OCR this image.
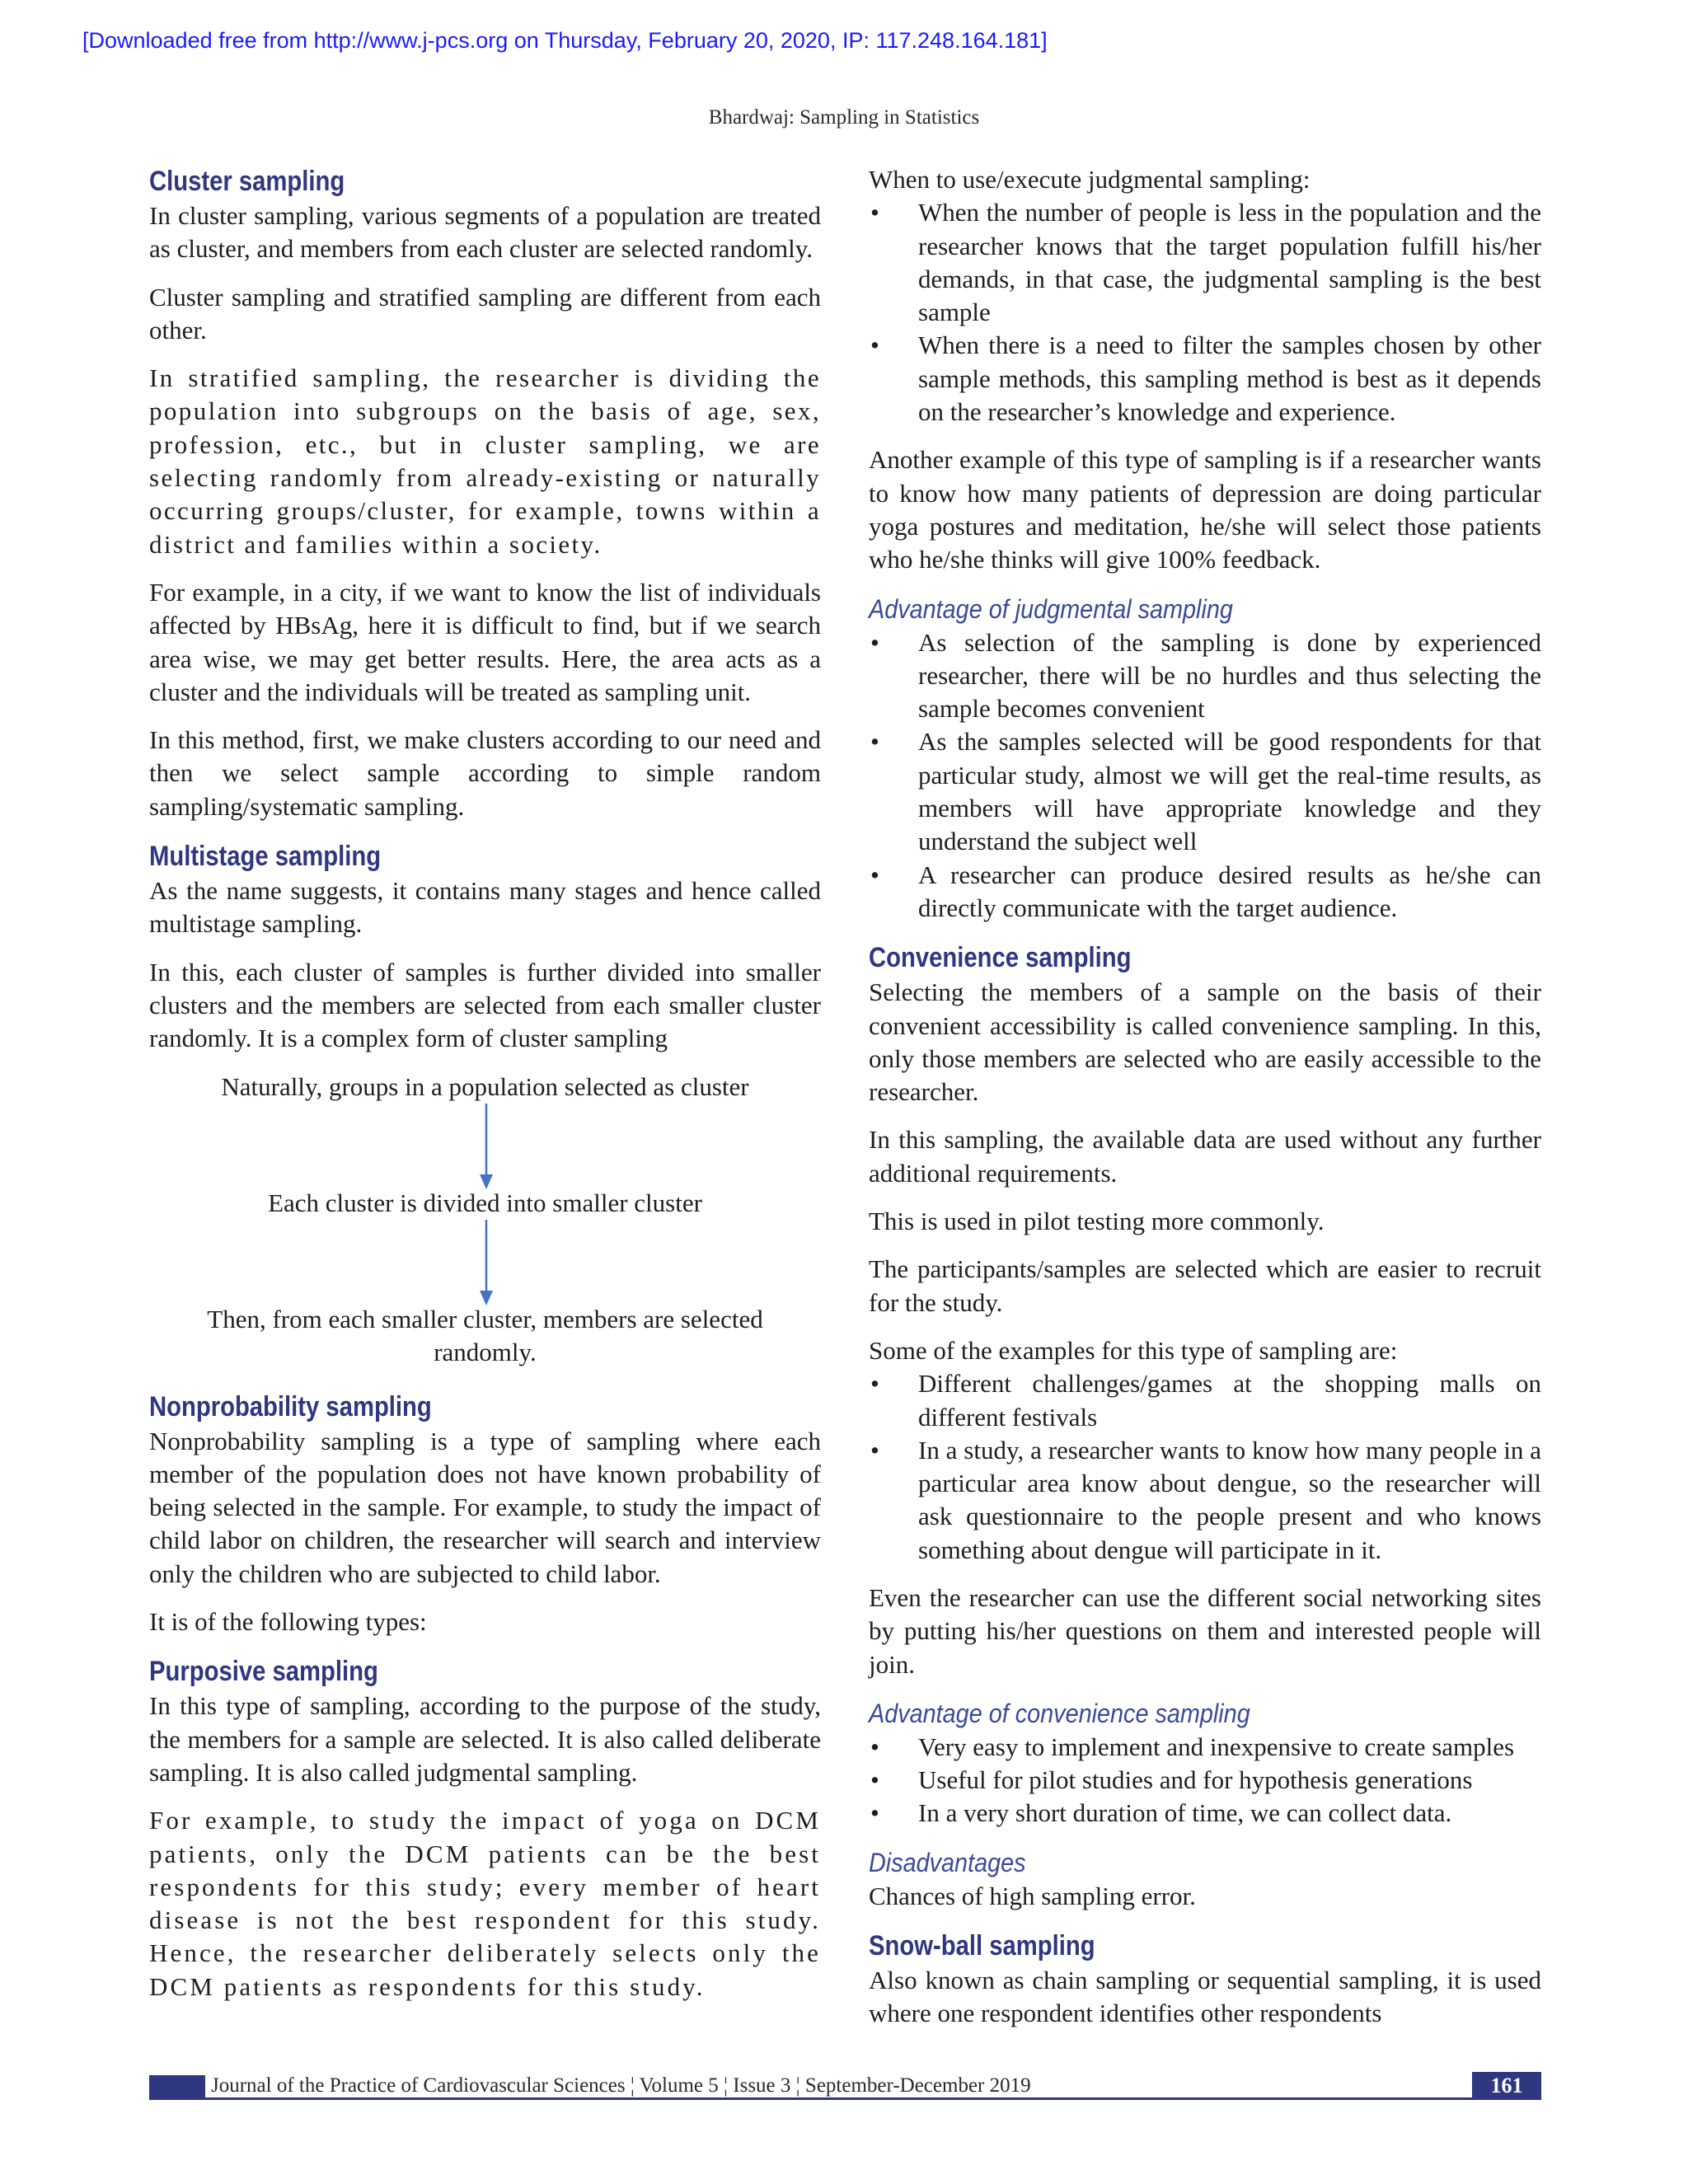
[Downloaded free from http://www.j-pcs.org on Thursday, February 20, 2020, IP: 117.248.164.181]
Bhardwaj: Sampling in Statistics
Cluster sampling

In cluster sampling, various segments of a population are treated as cluster, and members from each cluster are selected randomly.

Cluster sampling and stratified sampling are different from each other.

In stratified sampling, the researcher is dividing the population into subgroups on the basis of age, sex, profession, etc., but in cluster sampling, we are selecting randomly from already-existing or naturally occurring groups/cluster, for example, towns within a district and families within a society.

For example, in a city, if we want to know the list of individuals affected by HBsAg, here it is difficult to find, but if we search area wise, we may get better results. Here, the area acts as a cluster and the individuals will be treated as sampling unit.

In this method, first, we make clusters according to our need and then we select sample according to simple random sampling/systematic sampling.

Multistage sampling

As the name suggests, it contains many stages and hence called multistage sampling.

In this, each cluster of samples is further divided into smaller clusters and the members are selected from each smaller cluster randomly. It is a complex form of cluster sampling

Naturally, groups in a population selected as cluster
Each cluster is divided into smaller cluster
Then, from each smaller cluster, members are selected randomly.
Nonprobability sampling

Nonprobability sampling is a type of sampling where each member of the population does not have known probability of being selected in the sample. For example, to study the impact of child labor on children, the researcher will search and interview only the children who are subjected to child labor.

It is of the following types:

Purposive sampling

In this type of sampling, according to the purpose of the study, the members for a sample are selected. It is also called deliberate sampling. It is also called judgmental sampling.

For example, to study the impact of yoga on DCM patients, only the DCM patients can be the best respondents for this study; every member of heart disease is not the best respondent for this study. Hence, the researcher deliberately selects only the DCM patients as respondents for this study.

When to use/execute judgmental sampling:

• When the number of people is less in the population and the researcher knows that the target population fulfill his/her demands, in that case, the judgmental sampling is the best sample
• When there is a need to filter the samples chosen by other sample methods, this sampling method is best as it depends on the researcher’s knowledge and experience.

Another example of this type of sampling is if a researcher wants to know how many patients of depression are doing particular yoga postures and meditation, he/she will select those patients who he/she thinks will give 100% feedback.

Advantage of judgmental sampling
• As selection of the sampling is done by experienced researcher, there will be no hurdles and thus selecting the sample becomes convenient
• As the samples selected will be good respondents for that particular study, almost we will get the real-time results, as members will have appropriate knowledge and they understand the subject well
• A researcher can produce desired results as he/she can directly communicate with the target audience.
Convenience sampling

Selecting the members of a sample on the basis of their convenient accessibility is called convenience sampling. In this, only those members are selected who are easily accessible to the researcher.

In this sampling, the available data are used without any further additional requirements.

This is used in pilot testing more commonly.

The participants/samples are selected which are easier to recruit for the study.

Some of the examples for this type of sampling are:

• Different challenges/games at the shopping malls on different festivals
• In a study, a researcher wants to know how many people in a particular area know about dengue, so the researcher will ask questionnaire to the people present and who knows something about dengue will participate in it.

Even the researcher can use the different social networking sites by putting his/her questions on them and interested people will join.

Advantage of convenience sampling
• Very easy to implement and inexpensive to create samples
• Useful for pilot studies and for hypothesis generations
• In a very short duration of time, we can collect data.
Disadvantages

Chances of high sampling error.

Snow-ball sampling

Also known as chain sampling or sequential sampling, it is used where one respondent identifies other respondents

Journal of the Practice of Cardiovascular Sciences ¦ Volume 5 ¦ Issue 3 ¦ September-December 2019	161
